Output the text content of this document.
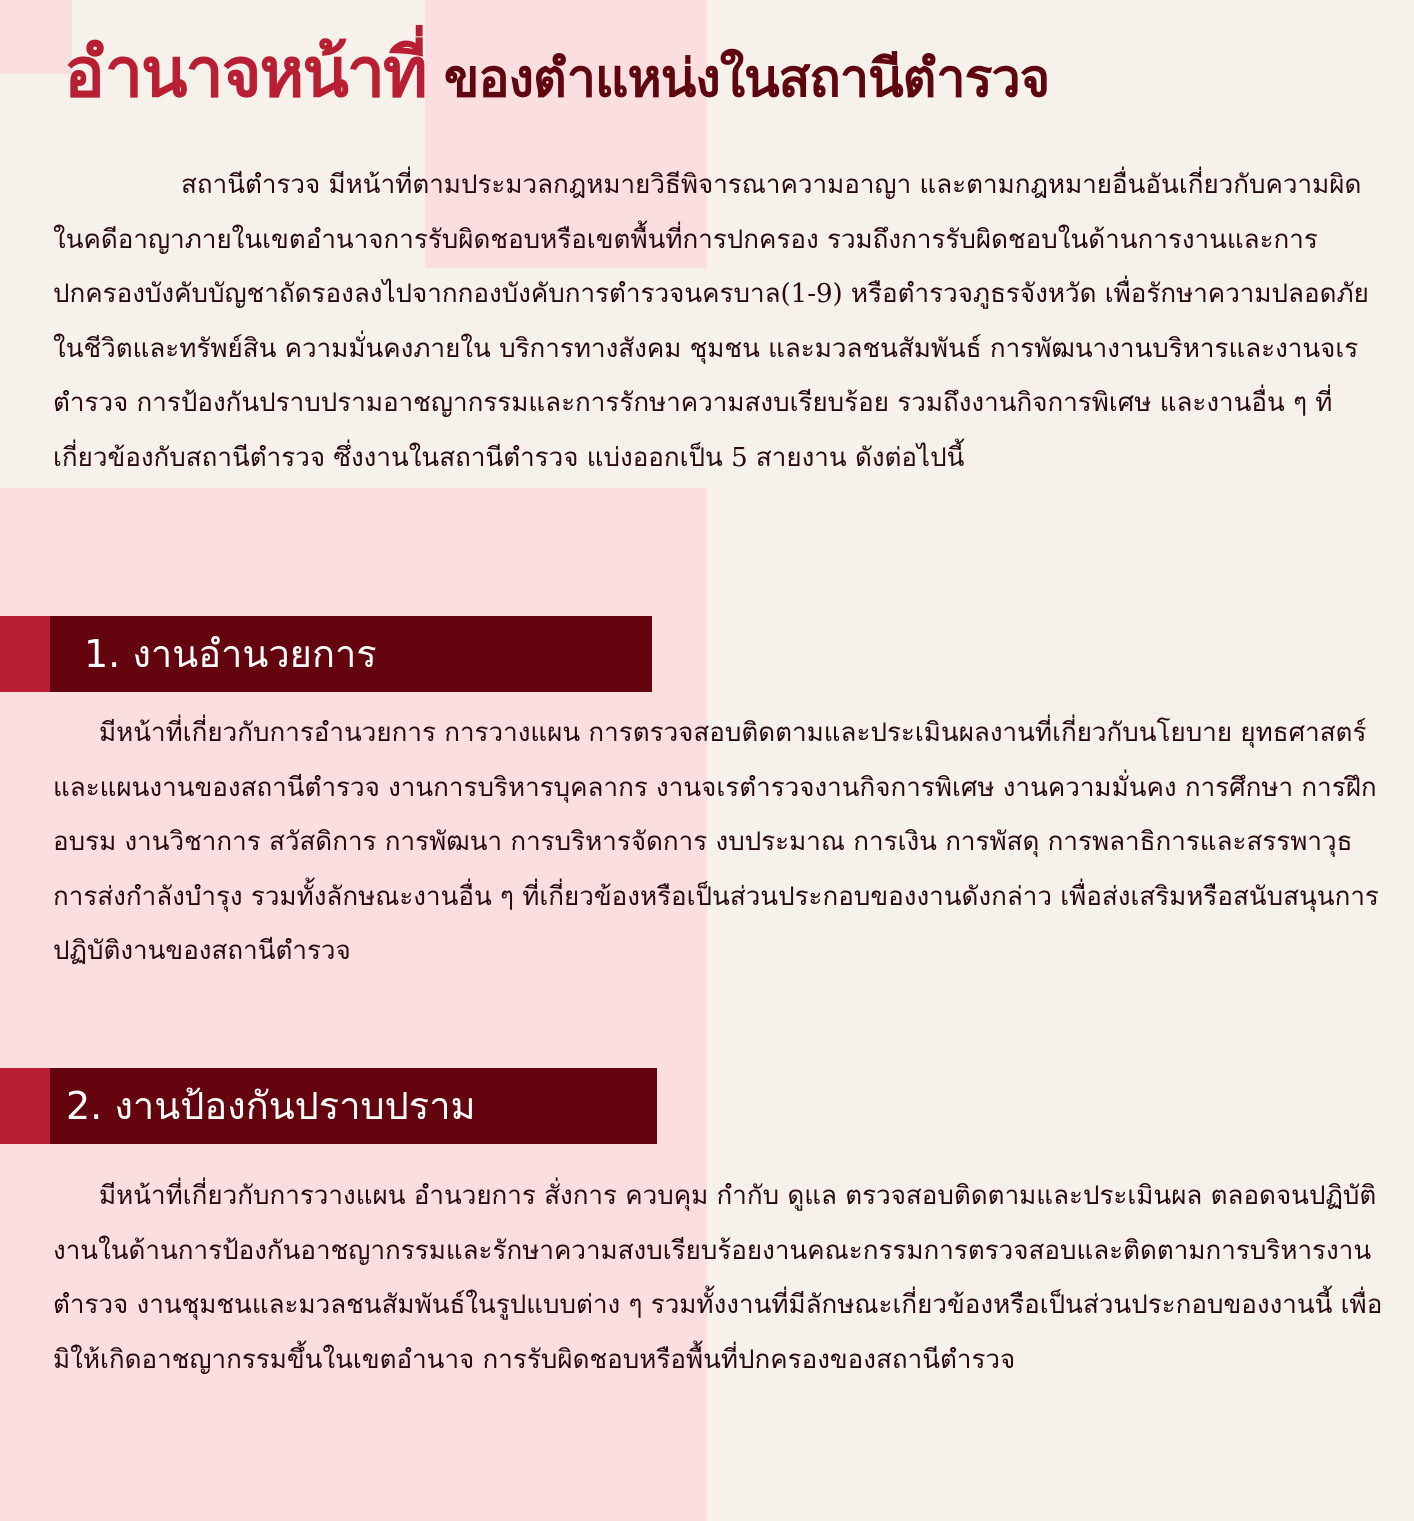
อำนาจหน้าที่ ของตำแหน่งในสถานีตำรวจ

สถานีตำรวจ มีหน้าที่ตามประมวลกฎหมายวิธีพิจารณาความอาญา และตามกฎหมายอื่นอันเกี่ยวกับความผิดในคดีอาญาภายในเขตอำนาจการรับผิดชอบหรือเขตพื้นที่การปกครอง รวมถึงการรับผิดชอบในด้านการงานและการปกครองบังคับบัญชาถัดรองลงไปจากกองบังคับการตำรวจนครบาล(1-9) หรือตำรวจภูธรจังหวัด เพื่อรักษาความปลอดภัยในชีวิตและทรัพย์สิน ความมั่นคงภายใน บริการทางสังคม ชุมชน และมวลชนสัมพันธ์ การพัฒนางานบริหารและงานจเรตำรวจ การป้องกันปราบปรามอาชญากรรมและการรักษาความสงบเรียบร้อย รวมถึงงานกิจการพิเศษ และงานอื่น ๆ ที่เกี่ยวข้องกับสถานีตำรวจ ซึ่งงานในสถานีตำรวจ แบ่งออกเป็น 5 สายงาน ดังต่อไปนี้

1. งานอำนวยการ

มีหน้าที่เกี่ยวกับการอำนวยการ การวางแผน การตรวจสอบติดตามและประเมินผลงานที่เกี่ยวกับนโยบาย ยุทธศาสตร์ และแผนงานของสถานีตำรวจ งานการบริหารบุคลากร งานจเรตำรวจงานกิจการพิเศษ งานความมั่นคง การศึกษา การฝึกอบรม งานวิชาการ สวัสดิการ การพัฒนา การบริหารจัดการ งบประมาณ การเงิน การพัสดุ การพลาธิการและสรรพาวุธ การส่งกำลังบำรุง รวมทั้งลักษณะงานอื่น ๆ ที่เกี่ยวข้องหรือเป็นส่วนประกอบของงานดังกล่าว เพื่อส่งเสริมหรือสนับสนุนการปฏิบัติงานของสถานีตำรวจ

2. งานป้องกันปราบปราม

มีหน้าที่เกี่ยวกับการวางแผน อำนวยการ สั่งการ ควบคุม กำกับ ดูแล ตรวจสอบติดตามและประเมินผล ตลอดจนปฏิบัติงานในด้านการป้องกันอาชญากรรมและรักษาความสงบเรียบร้อยงานคณะกรรมการตรวจสอบและติดตามการบริหารงานตำรวจ งานชุมชนและมวลชนสัมพันธ์ในรูปแบบต่าง ๆ รวมทั้งงานที่มีลักษณะเกี่ยวข้องหรือเป็นส่วนประกอบของงานนี้ เพื่อมิให้เกิดอาชญากรรมขึ้นในเขตอำนาจ การรับผิดชอบหรือพื้นที่ปกครองของสถานีตำรวจ
